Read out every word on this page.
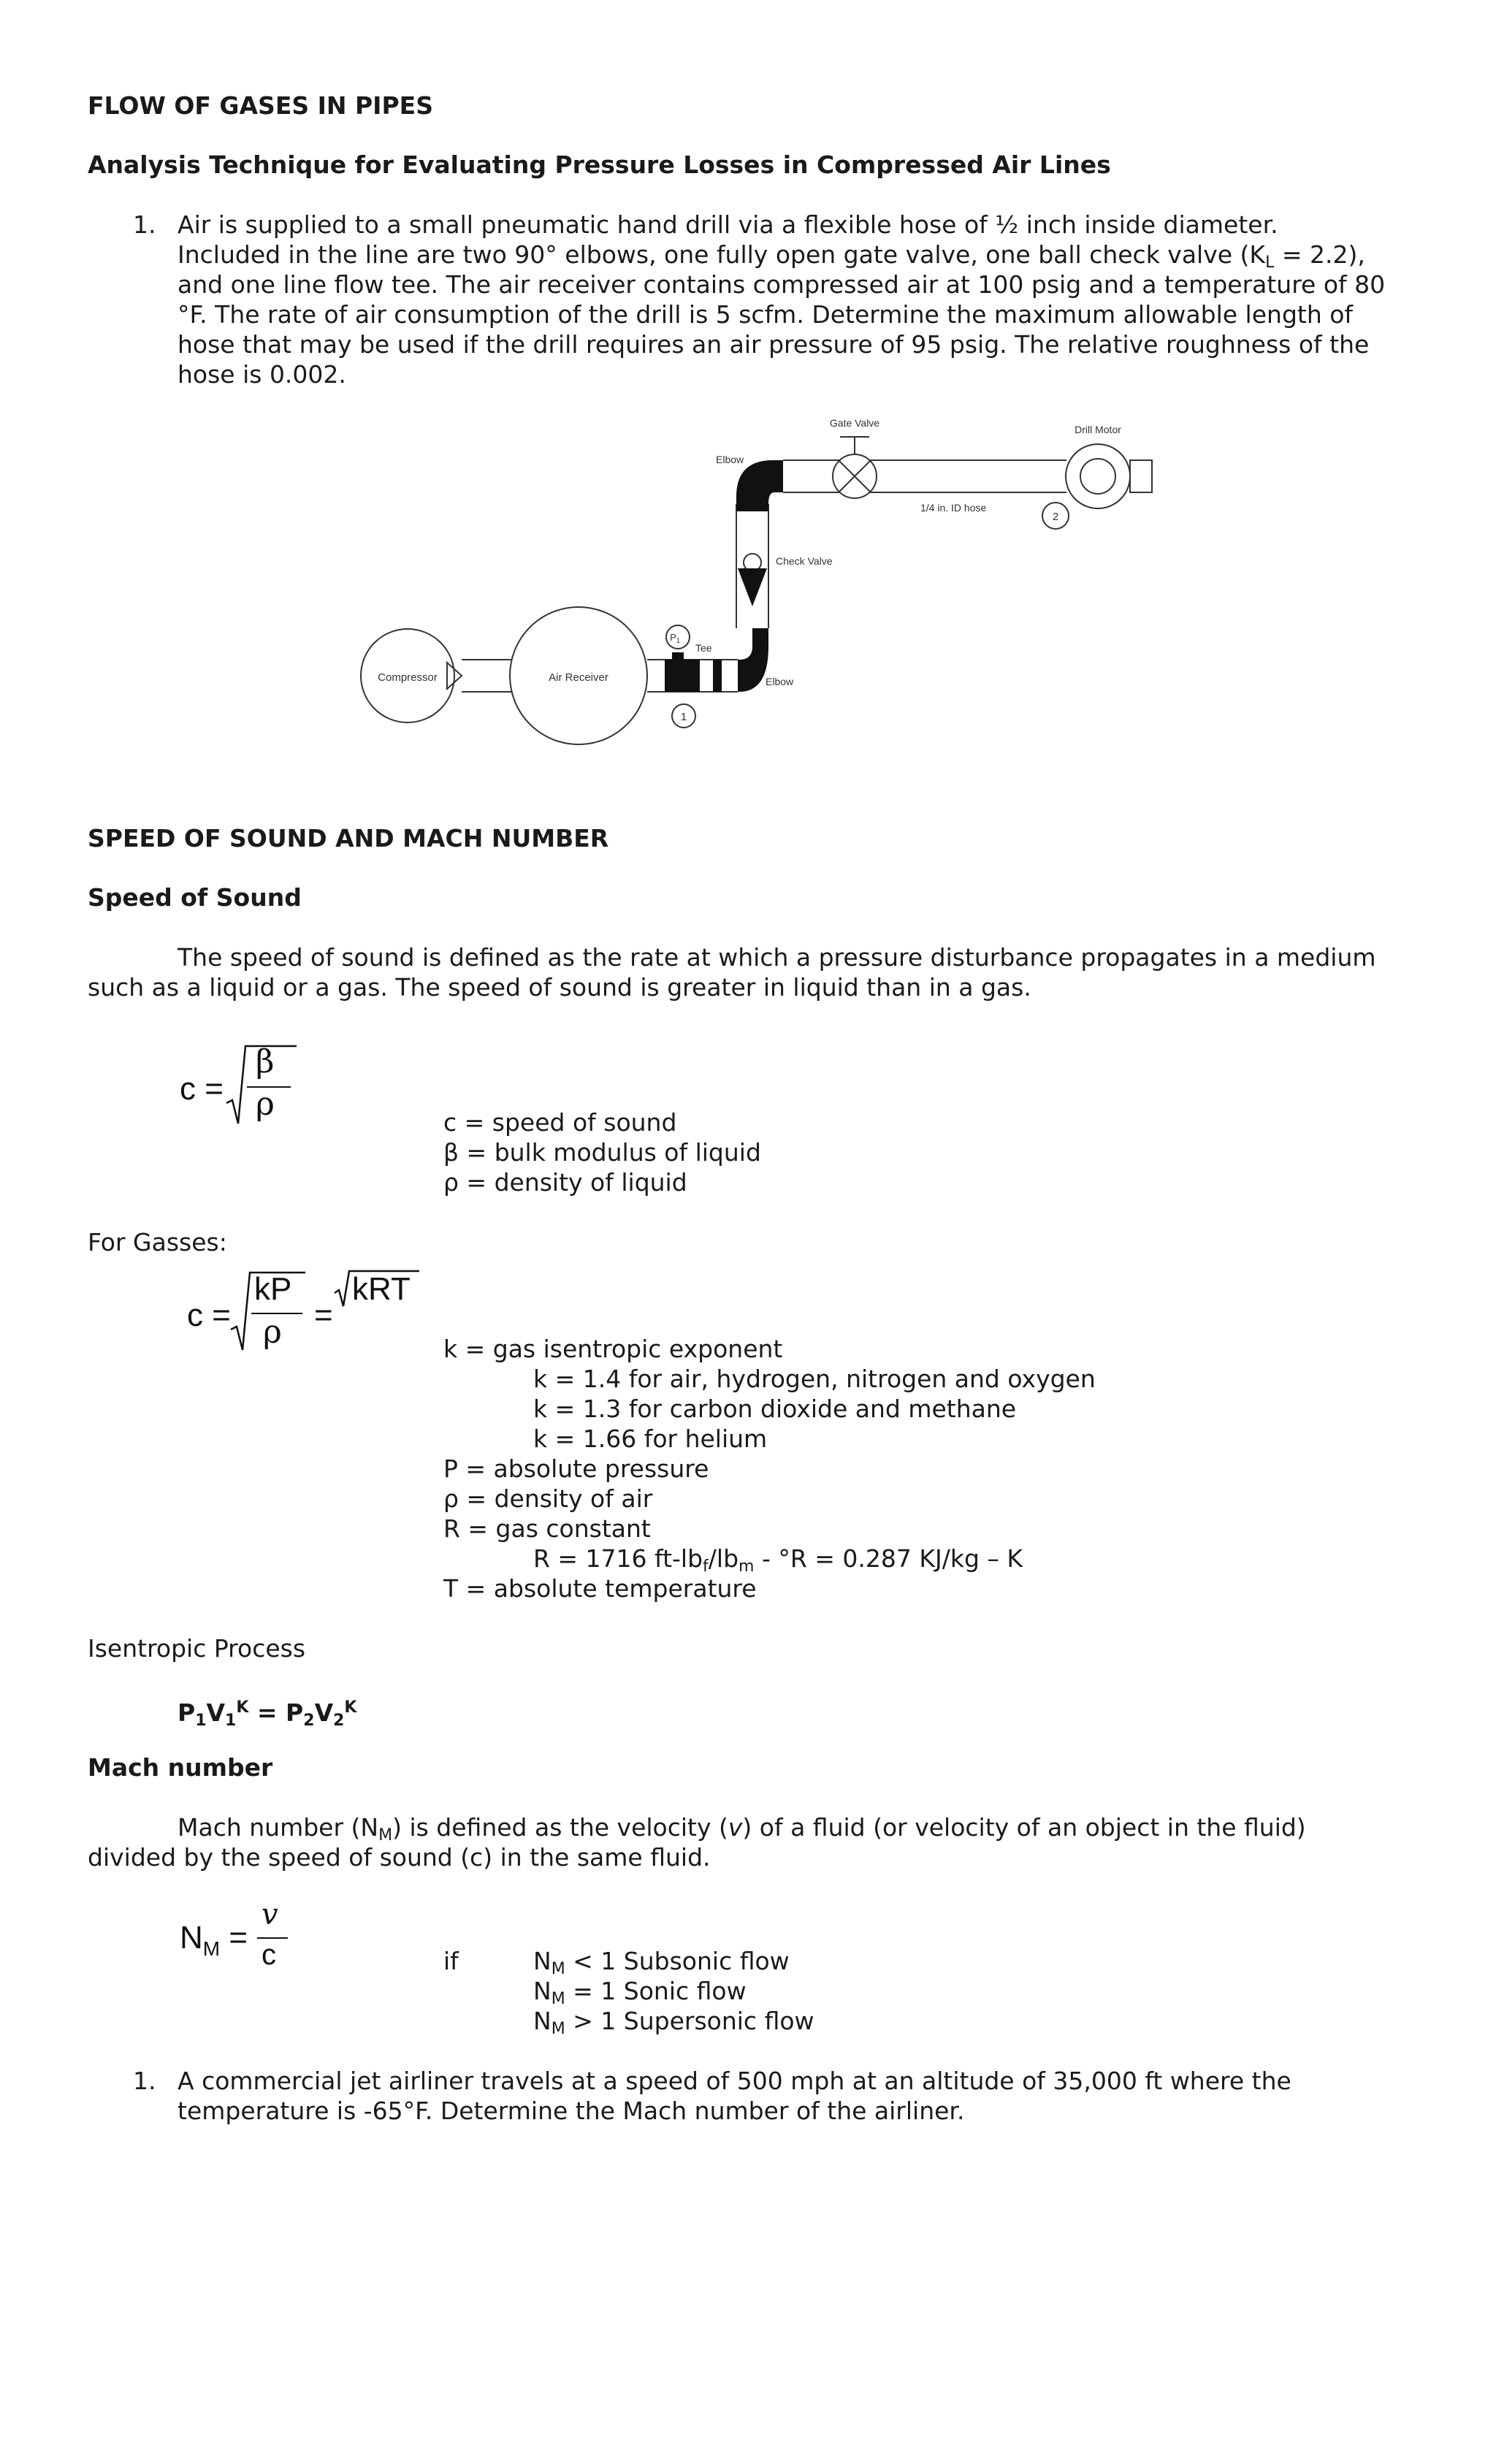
FLOW OF GASES IN PIPES
Analysis Technique for Evaluating Pressure Losses in Compressed Air Lines
1. Air is supplied to a small pneumatic hand drill via a flexible hose of ½ inch inside diameter.
Included in the line are two 90° elbows, one fully open gate valve, one ball check valve $(K_L = 2.2)$,
and one line flow tee. The air receiver contains compressed air at 100 psig and a temperature of 80
°F. The rate of air consumption of the drill is 5 scfm. Determine the maximum allowable length of
hose that may be used if the drill requires an air pressure of 95 psig. The relative roughness of the
hose is 0.002.
Compressor	Air Receiver
$P_1$
Tee
Elbow
Check Valve
Elbow
Gate Valve
1/4 in. ID hose
2
Drill Motor
1
SPEED OF SOUND AND MACH NUMBER
Speed of Sound
The speed of sound is defined as the rate at which a pressure disturbance propagates in a medium
such as a liquid or a gas. The speed of sound is greater in liquid than in a gas.
c =
β
ρ	c = speed of sound
β = bulk modulus of liquid
ρ = density of liquid
For Gasses:
c =
kP
ρ =
kRT
k = gas isentropic exponent
k = 1.4 for air, hydrogen, nitrogen and oxygen
k = 1.3 for carbon dioxide and methane
k = 1.66 for helium
P = absolute pressure
ρ = density of air
R = gas constant
R = 1716 $ft-lb_f/lb_m - ^\circ R = 0.287$ KJ/kg – K
T = absolute temperature
Isentropic Process
$P_1V_1^K = P_2V_2^K$
Mach number
Mach number $(N_M)$ is defined as the velocity (v) of a fluid (or velocity of an object in the fluid)
divided by the speed of sound (c) in the same fluid.
$N_M$ =
v
c	if	$N_M < 1$ Subsonic flow
$N_M = 1$ Sonic flow
$N_M > 1$ Supersonic flow
1. A commercial jet airliner travels at a speed of 500 mph at an altitude of 35,000 ft where the
temperature is -65°F. Determine the Mach number of the airliner.
